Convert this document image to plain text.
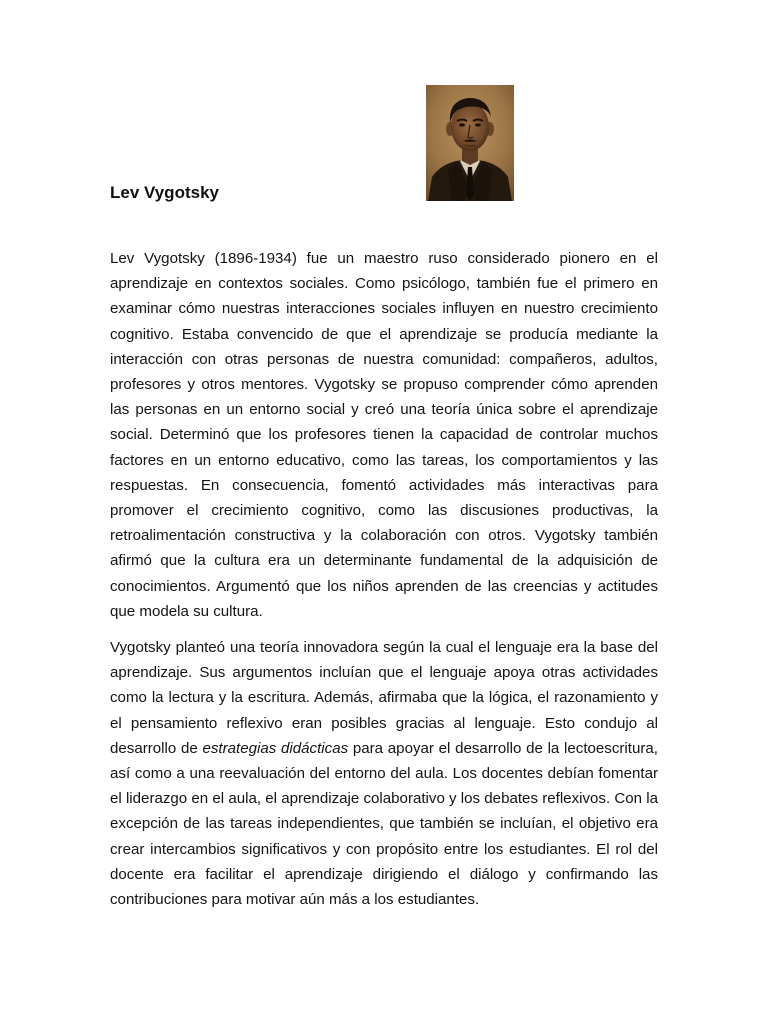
Lev Vygotsky

Lev Vygotsky (1896-1934) fue un maestro ruso considerado pionero en el aprendizaje en contextos sociales. Como psicólogo, también fue el primero en examinar cómo nuestras interacciones sociales influyen en nuestro crecimiento cognitivo. Estaba convencido de que el aprendizaje se producía mediante la interacción con otras personas de nuestra comunidad: compañeros, adultos, profesores y otros mentores. Vygotsky se propuso comprender cómo aprenden las personas en un entorno social y creó una teoría única sobre el aprendizaje social. Determinó que los profesores tienen la capacidad de controlar muchos factores en un entorno educativo, como las tareas, los comportamientos y las respuestas. En consecuencia, fomentó actividades más interactivas para promover el crecimiento cognitivo, como las discusiones productivas, la retroalimentación constructiva y la colaboración con otros. Vygotsky también afirmó que la cultura era un determinante fundamental de la adquisición de conocimientos. Argumentó que los niños aprenden de las creencias y actitudes que modela su cultura.

Vygotsky planteó una teoría innovadora según la cual el lenguaje era la base del aprendizaje. Sus argumentos incluían que el lenguaje apoya otras actividades como la lectura y la escritura. Además, afirmaba que la lógica, el razonamiento y el pensamiento reflexivo eran posibles gracias al lenguaje. Esto condujo al desarrollo de estrategias didácticas para apoyar el desarrollo de la lectoescritura, así como a una reevaluación del entorno del aula. Los docentes debían fomentar el liderazgo en el aula, el aprendizaje colaborativo y los debates reflexivos. Con la excepción de las tareas independientes, que también se incluían, el objetivo era crear intercambios significativos y con propósito entre los estudiantes. El rol del docente era facilitar el aprendizaje dirigiendo el diálogo y confirmando las contribuciones para motivar aún más a los estudiantes.
